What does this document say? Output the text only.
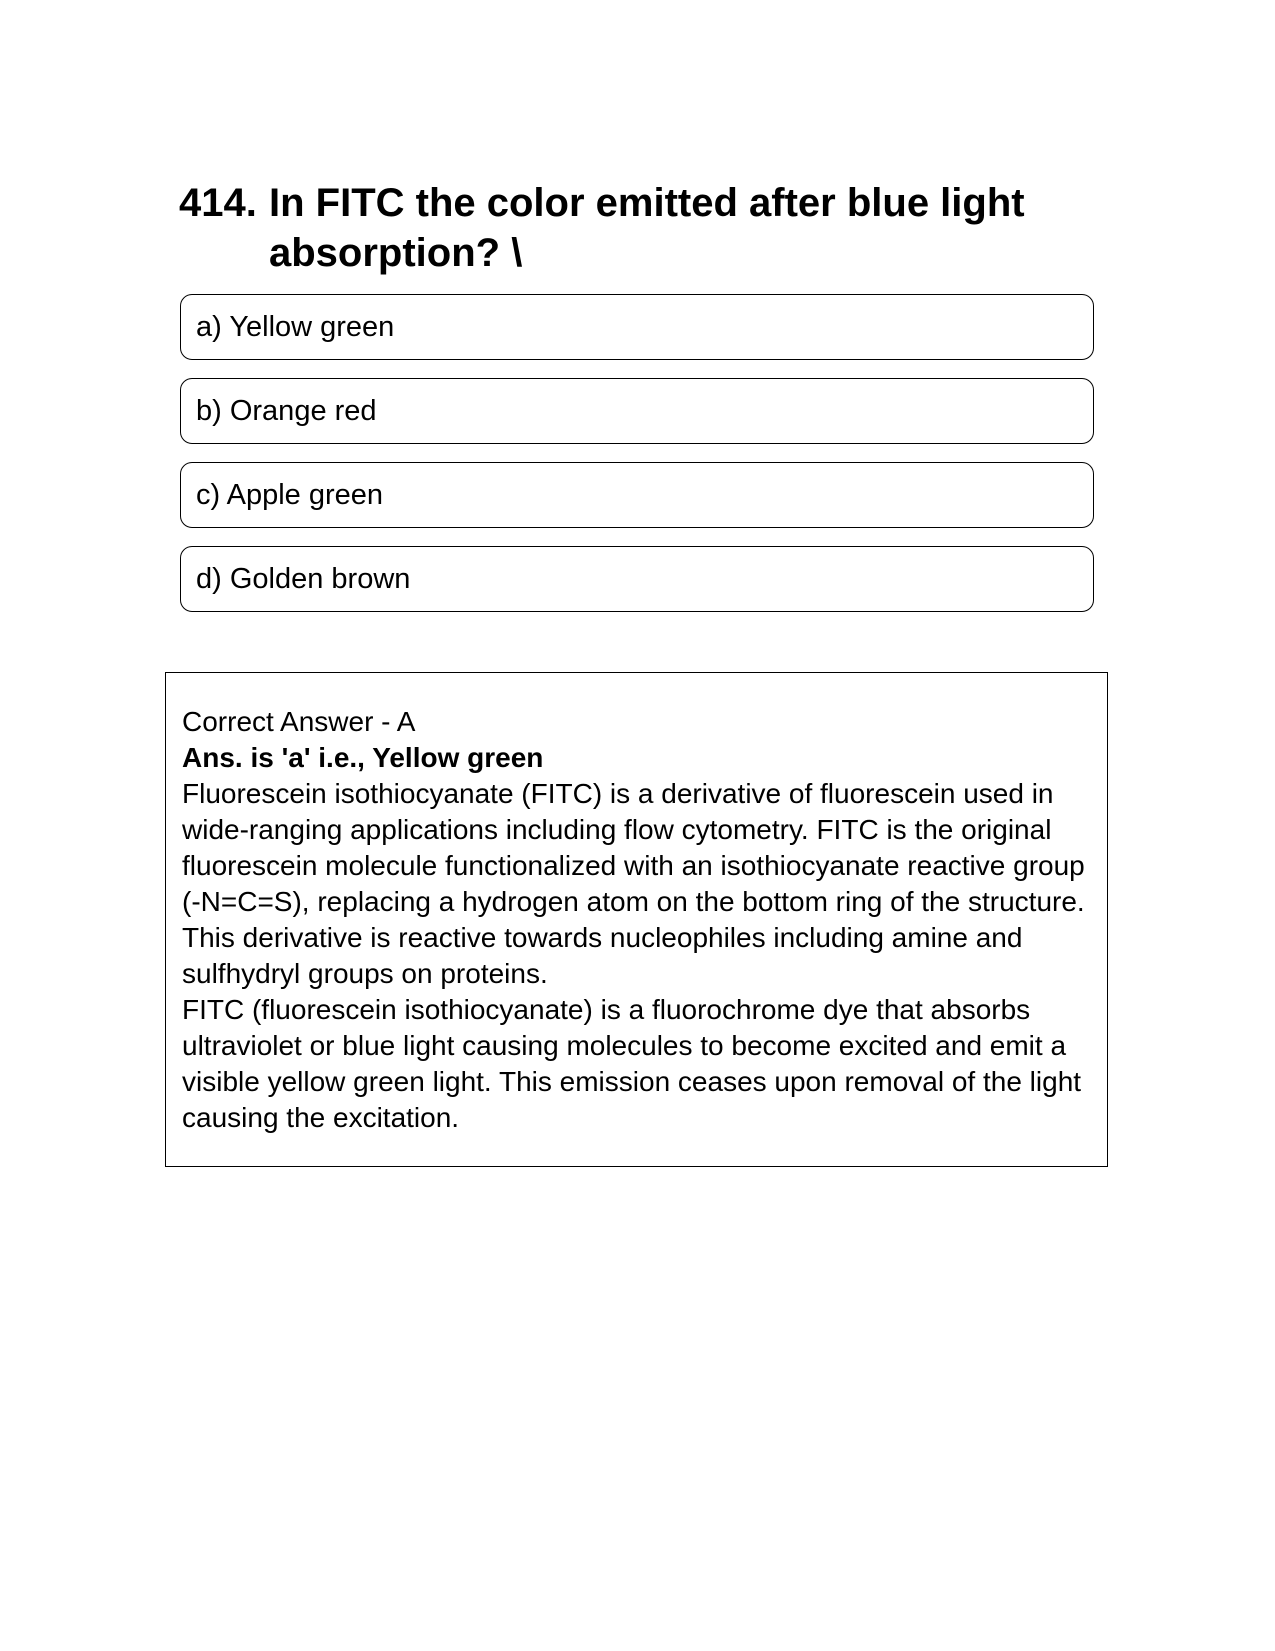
414. In FITC the color emitted after blue light absorption? \
a) Yellow green
b) Orange red
c) Apple green
d) Golden brown

Correct Answer - A

Ans. is 'a' i.e., Yellow green

Fluorescein isothiocyanate (FITC) is a derivative of fluorescein used in wide-ranging applications including flow cytometry. FITC is the original fluorescein molecule functionalized with an isothiocyanate reactive group (-N=C=S), replacing a hydrogen atom on the bottom ring of the structure. This derivative is reactive towards nucleophiles including amine and sulfhydryl groups on proteins.

FITC (fluorescein isothiocyanate) is a fluorochrome dye that absorbs ultraviolet or blue light causing molecules to become excited and emit a visible yellow green light. This emission ceases upon removal of the light causing the excitation.
